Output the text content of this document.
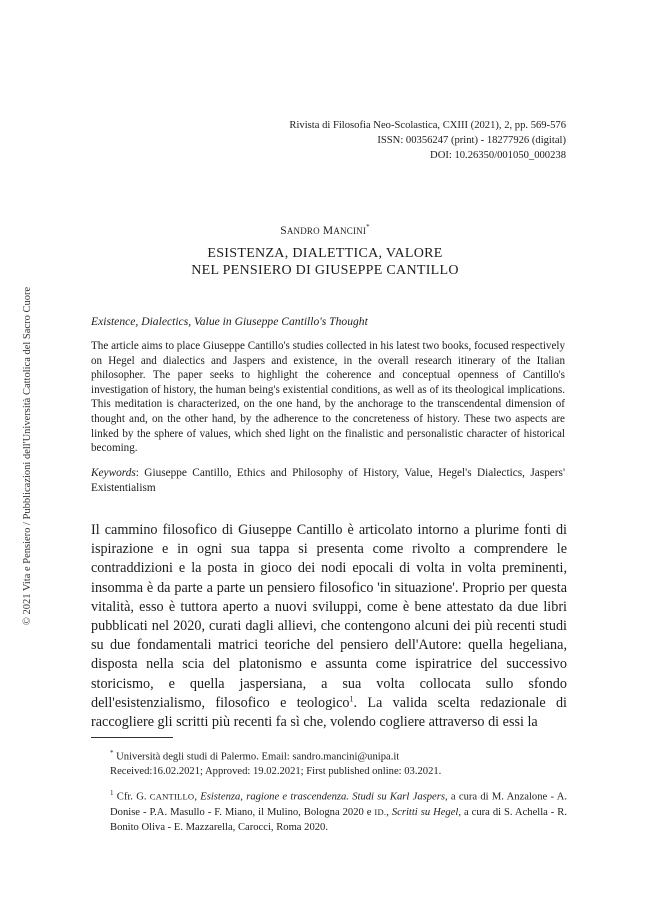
© 2021 Vita e Pensiero / Pubblicazioni dell'Università Cattolica del Sacro Cuore
Rivista di Filosofia Neo-Scolastica, CXIII (2021), 2, pp. 569-576
ISSN: 00356247 (print) - 18277926 (digital)
DOI: 10.26350/001050_000238
SANDRO MANCINI*
ESISTENZA, DIALETTICA, VALORE
NEL PENSIERO DI GIUSEPPE CANTILLO
Existence, Dialectics, Value in Giuseppe Cantillo's Thought
The article aims to place Giuseppe Cantillo's studies collected in his latest two books, focused respectively on Hegel and dialectics and Jaspers and existence, in the overall research itinerary of the Italian philosopher. The paper seeks to highlight the coherence and conceptual openness of Cantillo's investigation of history, the human being's existential conditions, as well as of its theological implications. This meditation is characterized, on the one hand, by the anchorage to the transcendental dimension of thought and, on the other hand, by the adherence to the concreteness of history. These two aspects are linked by the sphere of values, which shed light on the finalistic and personalistic character of historical becoming.
Keywords: Giuseppe Cantillo, Ethics and Philosophy of History, Value, Hegel's Dialectics, Jaspers' Existentialism
Il cammino filosofico di Giuseppe Cantillo è articolato intorno a plurime fonti di ispirazione e in ogni sua tappa si presenta come rivolto a comprendere le contraddizioni e la posta in gioco dei nodi epocali di volta in volta preminenti, insomma è da parte a parte un pensiero filosofico 'in situazione'. Proprio per questa vitalità, esso è tuttora aperto a nuovi sviluppi, come è bene attestato da due libri pubblicati nel 2020, curati dagli allievi, che contengono alcuni dei più recenti studi su due fondamentali matrici teoriche del pensiero dell'Autore: quella hegeliana, disposta nella scia del platonismo e assunta come ispiratrice del successivo storicismo, e quella jaspersiana, a sua volta collocata sullo sfondo dell'esistenzialismo, filosofico e teologico$^1$. La valida scelta redazionale di raccogliere gli scritti più recenti fa sì che, volendo cogliere attraverso di essi la
* Università degli studi di Palermo. Email: sandro.mancini@unipa.it
Received:16.02.2021; Approved: 19.02.2021; First published online: 03.2021.
$^1$ Cfr. G. CANTILLO, Esistenza, ragione e trascendenza. Studi su Karl Jaspers, a cura di M. Anzalone - A. Donise - P.A. Masullo - F. Miano, il Mulino, Bologna 2020 e ID., Scritti su Hegel, a cura di S. Achella - R. Bonito Oliva - E. Mazzarella, Carocci, Roma 2020.
